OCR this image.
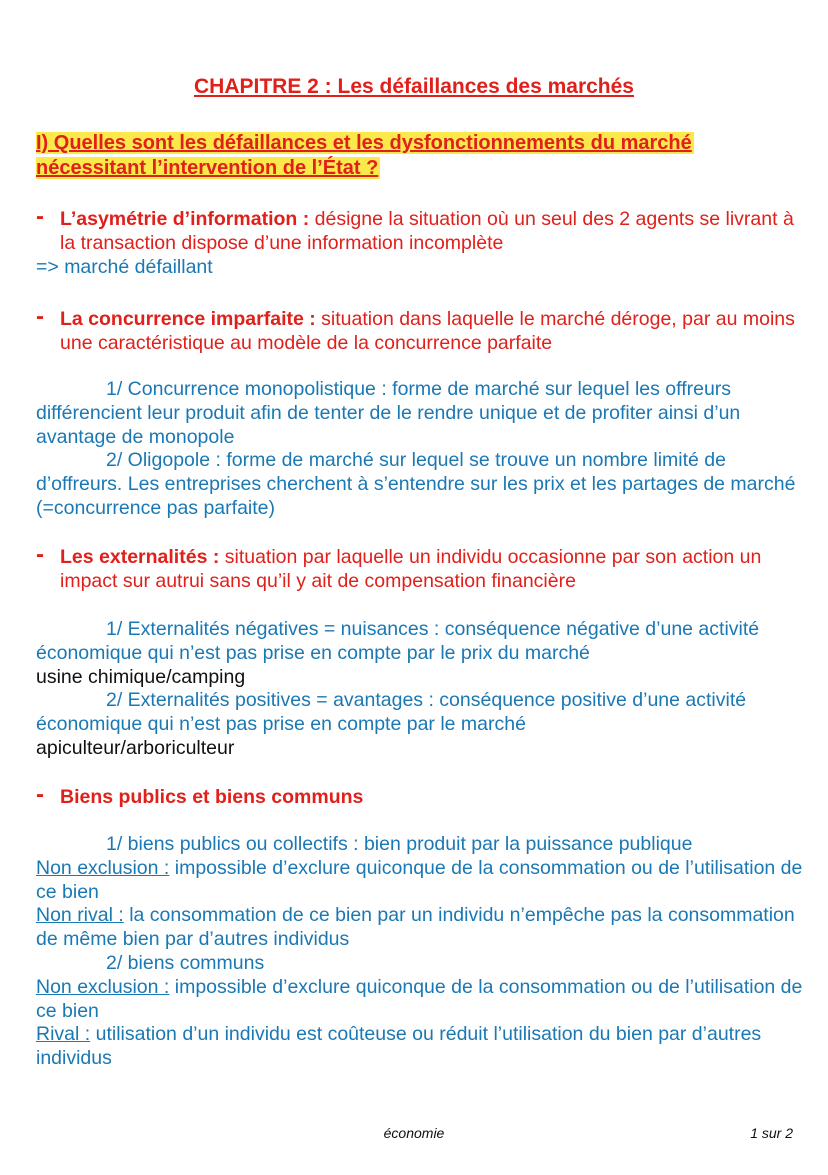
CHAPITRE 2 : Les défaillances des marchés
I) Quelles sont les défaillances et les dysfonctionnements du marché nécessitant l’intervention de l’État ?
- L’asymétrie d’information : désigne la situation où un seul des 2 agents se livrant à la transaction dispose d’une information incomplète
=> marché défaillant
- La concurrence imparfaite : situation dans laquelle le marché déroge, par au moins une caractéristique au modèle de la concurrence parfaite
1/ Concurrence monopolistique : forme de marché sur lequel les offreurs différencient leur produit afin de tenter de le rendre unique et de profiter ainsi d’un avantage de monopole
2/ Oligopole : forme de marché sur lequel se trouve un nombre limité de d’offreurs. Les entreprises cherchent à s’entendre sur les prix et les partages de marché (=concurrence pas parfaite)
- Les externalités : situation par laquelle un individu occasionne par son action un impact sur autrui sans qu’il y ait de compensation financière
1/ Externalités négatives = nuisances : conséquence négative d’une activité économique qui n’est pas prise en compte par le prix du marché
usine chimique/camping
2/ Externalités positives = avantages : conséquence positive d’une activité économique qui n’est pas prise en compte par le marché
apiculteur/arboriculteur
- Biens publics et biens communs
1/ biens publics ou collectifs : bien produit par la puissance publique
Non exclusion : impossible d’exclure quiconque de la consommation ou de l’utilisation de ce bien
Non rival : la consommation de ce bien par un individu n’empêche pas la consommation de même bien par d’autres individus
2/ biens communs
Non exclusion : impossible d’exclure quiconque de la consommation ou de l’utilisation de ce bien
Rival : utilisation d’un individu est coûteuse ou réduit l’utilisation du bien par d’autres individus
économie	1 sur 2
